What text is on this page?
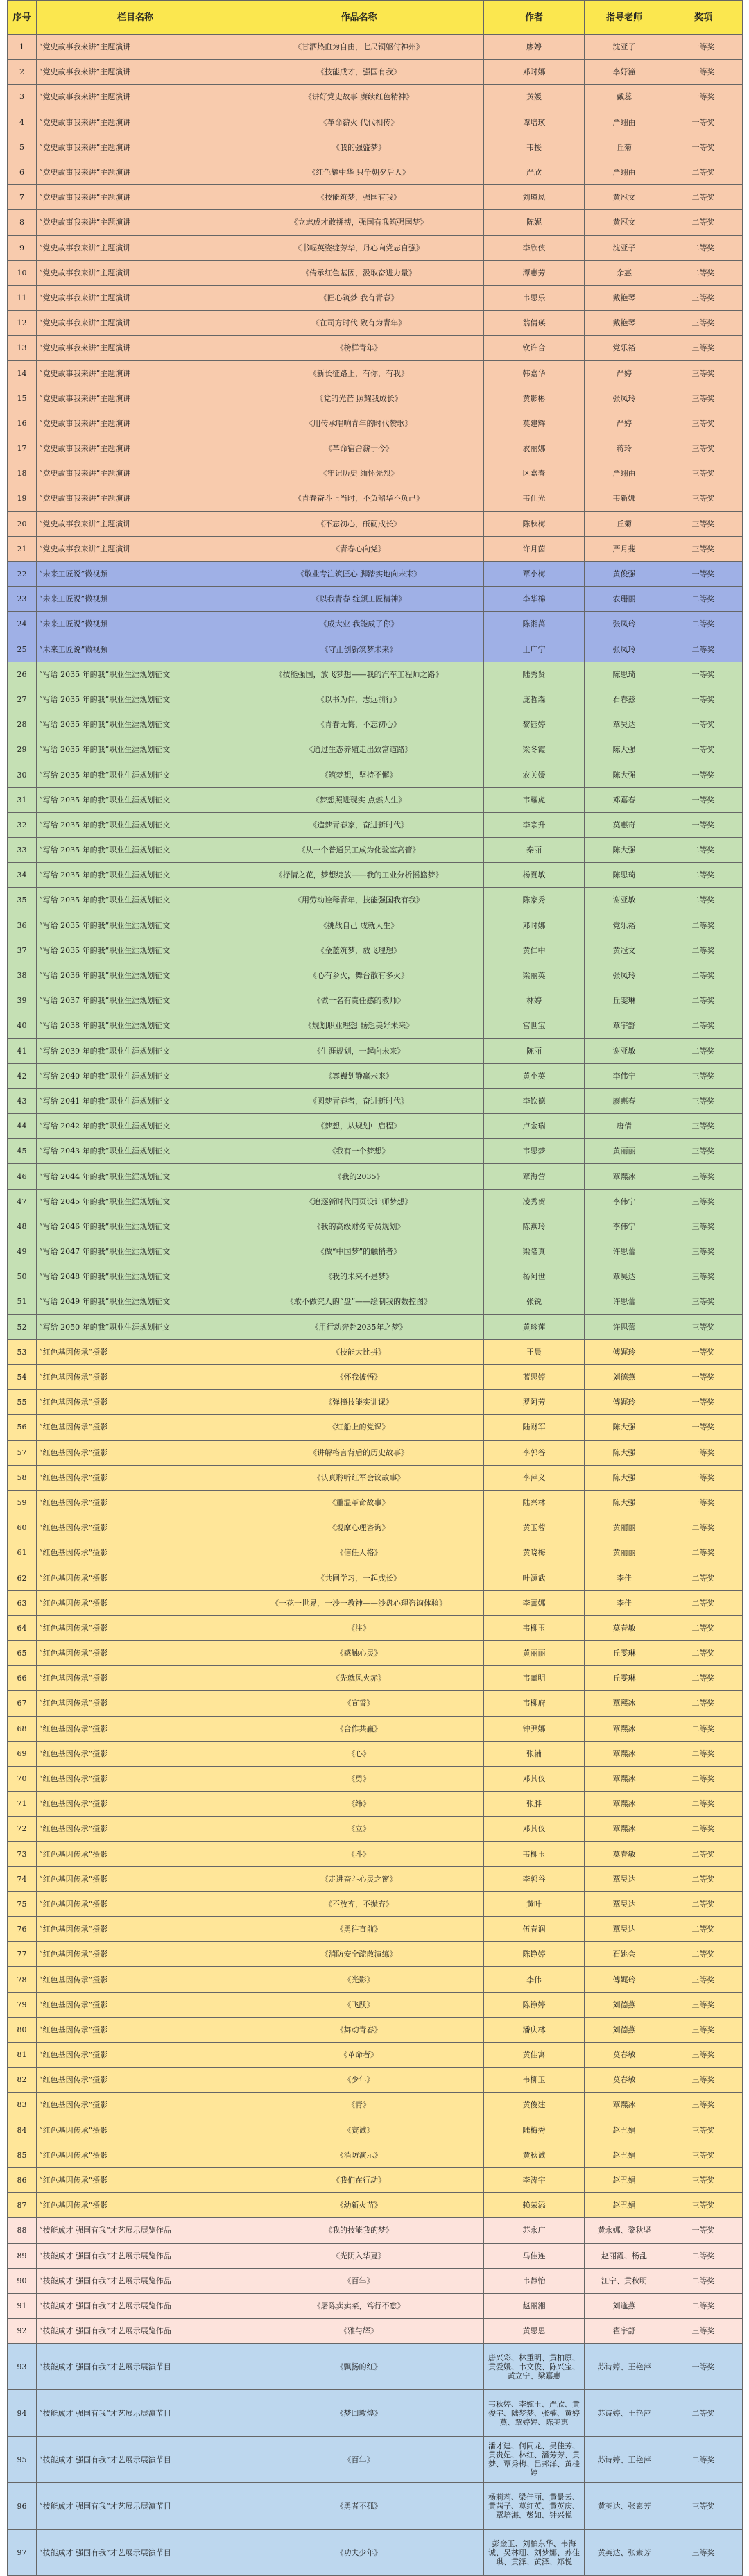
序号	栏目名称	作品名称	作者	指导老师	奖项
1	“党史故事我来讲”主题演讲	《甘洒热血为自由，七尺铜躯付神州》	廖婷	沈亚子	一等奖
2	“党史故事我来讲”主题演讲	《技能成才，强国有我》	邓时娜	李妤潼	一等奖
3	“党史故事我来讲”主题演讲	《讲好党史故事 赓续红色精神》	黄媛	戴蕊	一等奖
4	“党史故事我来讲”主题演讲	《革命薪火 代代相传》	谭培瑛	严翊由	一等奖
5	“党史故事我来讲”主题演讲	《我的强盛梦》	韦援	丘菊	一等奖
6	“党史故事我来讲”主题演讲	《红色耀中华 只争朝夕后人》	严欣	严翊由	二等奖
7	“党史故事我来讲”主题演讲	《技能筑梦，强国有我》	刘瑾凤	黄冠文	二等奖
8	“党史故事我来讲”主题演讲	《立志成才敢拼搏，强国有我筑强国梦》	陈妮	黄冠文	二等奖
9	“党史故事我来讲”主题演讲	《书幅英姿绽芳华，丹心向党志自强》	李欣侠	沈亚子	二等奖
10	“党史故事我来讲”主题演讲	《传承红色基因，汲取奋进力量》	潭惠芳	余惠	二等奖
11	“党史故事我来讲”主题演讲	《匠心筑梦 我有青春》	韦思乐	戴艳琴	三等奖
12	“党史故事我来讲”主题演讲	《在司方时代 致有为青年》	翁倩瑛	戴艳琴	三等奖
13	“党史故事我来讲”主题演讲	《榜样青年》	钦许合	党乐裕	三等奖
14	“党史故事我来讲”主题演讲	《新长征路上，有你，有我》	韩嘉华	严婷	三等奖
15	“党史故事我来讲”主题演讲	《党的光芒 照耀我成长》	黄影彬	张凤玲	三等奖
16	“党史故事我来讲”主题演讲	《用传承唱响青年的时代赞歌》	莫建辉	严婷	三等奖
17	“党史故事我来讲”主题演讲	《革命宿舍薪于今》	农丽娜	蒋玲	三等奖
18	“党史故事我来讲”主题演讲	《牢记历史 缅怀先烈》	区嘉春	严翊由	三等奖
19	“党史故事我来讲”主题演讲	《青春奋斗正当时，不负韶华不负己》	韦仕光	韦新娜	三等奖
20	“党史故事我来讲”主题演讲	《不忘初心，砥砺成长》	陈秋梅	丘菊	三等奖
21	“党史故事我来讲”主题演讲	《青春心向党》	许月茵	严月斐	三等奖
22	“未来工匠说”微视频	《敬业专注筑匠心 脚踏实地向未来》	覃小梅	黄俊强	一等奖
23	“未来工匠说”微视频	《以我青春 绽颜工匠精神》	李华棉	农珊丽	二等奖
24	“未来工匠说”微视频	《成大业 我能成了你》	陈湘萬	张凤玲	二等奖
25	“未来工匠说”微视频	《守正创新筑梦未来》	王广宁	张凤玲	二等奖
26	“写给 2035 年的我”职业生涯规划征文	《技能强国，放飞梦想——我的汽车工程师之路》	陆秀贤	陈思琦	一等奖
27	“写给 2035 年的我”职业生涯规划征文	《以书为伴，志远前行》	庞哲森	石春兹	一等奖
28	“写给 2035 年的我”职业生涯规划征文	《青春无悔，不忘初心》	黎钰婷	覃昊达	一等奖
29	“写给 2035 年的我”职业生涯规划征文	《通过生态养殖走出致富道路》	梁冬霞	陈大强	一等奖
30	“写给 2035 年的我”职业生涯规划征文	《筑梦想，坚持不懈》	农关媛	陈大强	一等奖
31	“写给 2035 年的我”职业生涯规划征文	《梦想照进现实 点燃人生》	韦耀虎	邓嘉春	一等奖
32	“写给 2035 年的我”职业生涯规划征文	《造梦青春家，奋进新时代》	李宗升	莫惠奇	一等奖
33	“写给 2035 年的我”职业生涯规划征文	《从一个普通员工成为化验室高管》	秦丽	陈大强	二等奖
34	“写给 2035 年的我”职业生涯规划征文	《抒情之花，梦想绽放——我的工业分析摇篮梦》	杨夏敏	陈思琦	二等奖
35	“写给 2035 年的我”职业生涯规划征文	《用劳动诠释青年，技能强国我有我》	陈家秀	谢亚敏	二等奖
36	“写给 2035 年的我”职业生涯规划征文	《挑战自己 成就人生》	邓时娜	党乐裕	二等奖
37	“写给 2035 年的我”职业生涯规划征文	《金蓝筑梦，放飞理想》	黄仁中	黄冠文	二等奖
38	“写给 2036 年的我”职业生涯规划征文	《心有乡火，舞台散有多火》	梁丽英	张凤玲	二等奖
39	“写给 2037 年的我”职业生涯规划征文	《做一名有责任感的教师》	林婷	丘雯琳	二等奖
40	“写给 2038 年的我”职业生涯规划征文	《规划职业理想 畅想美好未来》	宫世宝	覃宇舒	二等奖
41	“写给 2039 年的我”职业生涯规划征文	《生涯规划，一起向未来》	陈丽	谢亚敏	二等奖
42	“写给 2040 年的我”职业生涯规划征文	《寨巍划静赢未来》	黄小英	李伟宁	三等奖
43	“写给 2041 年的我”职业生涯规划征文	《圆梦青春者，奋进新时代》	李钦德	廖惠春	三等奖
44	“写给 2042 年的我”职业生涯规划征文	《梦想，从规划中启程》	卢金瑞	唐倩	三等奖
45	“写给 2043 年的我”职业生涯规划征文	《我有一个梦想》	韦思梦	黄丽丽	三等奖
46	“写给 2044 年的我”职业生涯规划征文	《我的2035》	覃海营	覃熙冰	三等奖
47	“写给 2045 年的我”职业生涯规划征文	《追逐新时代同页设计师梦想》	凌秀贺	李伟宁	三等奖
48	“写给 2046 年的我”职业生涯规划征文	《我的高级财务专员规划》	陈燕玲	李伟宁	三等奖
49	“写给 2047 年的我”职业生涯规划征文	《做“中国梦”的触梢者》	梁隆真	许思蕾	三等奖
50	“写给 2048 年的我”职业生涯规划征文	《我的未来不是梦》	杨阿世	覃昊达	三等奖
51	“写给 2049 年的我”职业生涯规划征文	《敢不做究人的“盘”——绘制我的数控图》	张锐	许思蕾	三等奖
52	“写给 2050 年的我”职业生涯规划征文	《用行动奔赴2035年之梦》	黄珍莲	许思蕾	三等奖
53	“红色基因传承”摄影	《技能大比拼》	王晨	傅娓玲	一等奖
54	“红色基因传承”摄影	《怀我披悟》	蓝思婷	刘德燕	一等奖
55	“红色基因传承”摄影	《弹撞技能实训课》	罗阿芳	傅娓玲	一等奖
56	“红色基因传承”摄影	《红船上的党课》	陆财军	陈大强	一等奖
57	“红色基因传承”摄影	《讲解格言背后的历史故事》	李郭谷	陈大强	一等奖
58	“红色基因传承”摄影	《认真聆听红军会议故事》	李萍义	陈大强	一等奖
59	“红色基因传承”摄影	《重温革命故事》	陆兴林	陈大强	一等奖
60	“红色基因传承”摄影	《观摩心理咨询》	黄玉蓉	黄丽丽	二等奖
61	“红色基因传承”摄影	《信任人格》	黄晓梅	黄丽丽	二等奖
62	“红色基因传承”摄影	《共同学习，一起成长》	叶源武	李佳	二等奖
63	“红色基因传承”摄影	《一花一世界，一沙一教神——沙盘心理咨询体验》	李蕾娜	李佳	二等奖
64	“红色基因传承”摄影	《注》	韦柳玉	莫春敏	二等奖
65	“红色基因传承”摄影	《感触心灵》	黄丽丽	丘雯琳	二等奖
66	“红色基因传承”摄影	《先就风火赤》	韦董明	丘雯琳	二等奖
67	“红色基因传承”摄影	《宣誓》	韦柳府	覃熙冰	二等奖
68	“红色基因传承”摄影	《合作共赢》	钟尹娜	覃熙冰	二等奖
69	“红色基因传承”摄影	《心》	张辅	覃熙冰	二等奖
70	“红色基因传承”摄影	《勇》	邓其仪	覃熙冰	二等奖
71	“红色基因传承”摄影	《纬》	张胖	覃熙冰	二等奖
72	“红色基因传承”摄影	《立》	邓其仪	覃熙冰	二等奖
73	“红色基因传承”摄影	《斗》	韦柳玉	莫春敏	二等奖
74	“红色基因传承”摄影	《走进奋斗心灵之窗》	李郭谷	覃昊达	二等奖
75	“红色基因传承”摄影	《不放弃，不抛弃》	黄叶	覃昊达	二等奖
76	“红色基因传承”摄影	《勇往直前》	伍春润	覃昊达	二等奖
77	“红色基因传承”摄影	《消防安全疏散演练》	陈铮婷	石姚会	二等奖
78	“红色基因传承”摄影	《光影》	李伟	傅娓玲	三等奖
79	“红色基因传承”摄影	《飞跃》	陈铮婷	刘德燕	三等奖
80	“红色基因传承”摄影	《舞动青春》	潘庆林	刘德燕	三等奖
81	“红色基因传承”摄影	《革命者》	黄佳寓	莫春敏	三等奖
82	“红色基因传承”摄影	《少年》	韦柳玉	莫春敏	三等奖
83	“红色基因传承”摄影	《青》	黄俊建	覃熙冰	三等奖
84	“红色基因传承”摄影	《赛诚》	陆梅秀	赵丑娟	三等奖
85	“红色基因传承”摄影	《消防演示》	黄秋诚	赵丑娟	三等奖
86	“红色基因传承”摄影	《我们在行动》	李涛宇	赵丑娟	三等奖
87	“红色基因传承”摄影	《幼新火苗》	赖荣添	赵丑娟	三等奖
88	“技能成才 强国有我”才艺展示展览作品	《我的技能我的梦》	苏永广	黄永娜、黎秋坚	一等奖
89	“技能成才 强国有我”才艺展示展览作品	《光阴入华夏》	马佳连	赵丽霞、杨乱	二等奖
90	“技能成才 强国有我”才艺展示展览作品	《百年》	韦静怡	江宁、黄秋明	二等奖
91	“技能成才 强国有我”才艺展示展览作品	《屠陈卖卖菜，笃行不怠》	赵丽湘	刘逢燕	二等奖
92	“技能成才 强国有我”才艺展示展览作品	《雅与辉》	黄思思	翟宇舒	三等奖
93	“技能成才 强国有我”才艺展示展演节目	《飘扬的红》	唐兴彩、林重明、黄柏原、黄爱媛、韦文俊、陈兴宝、黄立宁、梁嘉惠	苏诗婷、王艳萍	一等奖
94	“技能成才 强国有我”才艺展示展演节目	《梦回敦煌》	韦秋婷、李婉玉、严欣、黄俊宇、陆梦梦、张楠、黄婷燕、覃婷婷、陈美惠	苏诗婷、王艳萍	二等奖
95	“技能成才 强国有我”才艺展示展演节目	《百年》	潘才建、何同龙、吴佳芳、黄贵妃、林红、潘芳芳、黄梦、覃秀梅、吕邦洋、黄桂婷	苏诗婷、王艳萍	二等奖
96	“技能成才 强国有我”才艺展示展演节目	《勇者不孤》	杨莉莉、梁佳丽、黄景云、黄茜子、莫红英、黄英庆、覃培海、彭如、钟兴悦	黄英达、张素芳	三等奖
97	“技能成才 强国有我”才艺展示展演节目	《功夫少年》	彭金玉、刘柏东华、韦海诚、吴林珊、刘梦娜、苏佳琪、黄泽、黄泽、郑悦	黄英达、张素芳	三等奖
